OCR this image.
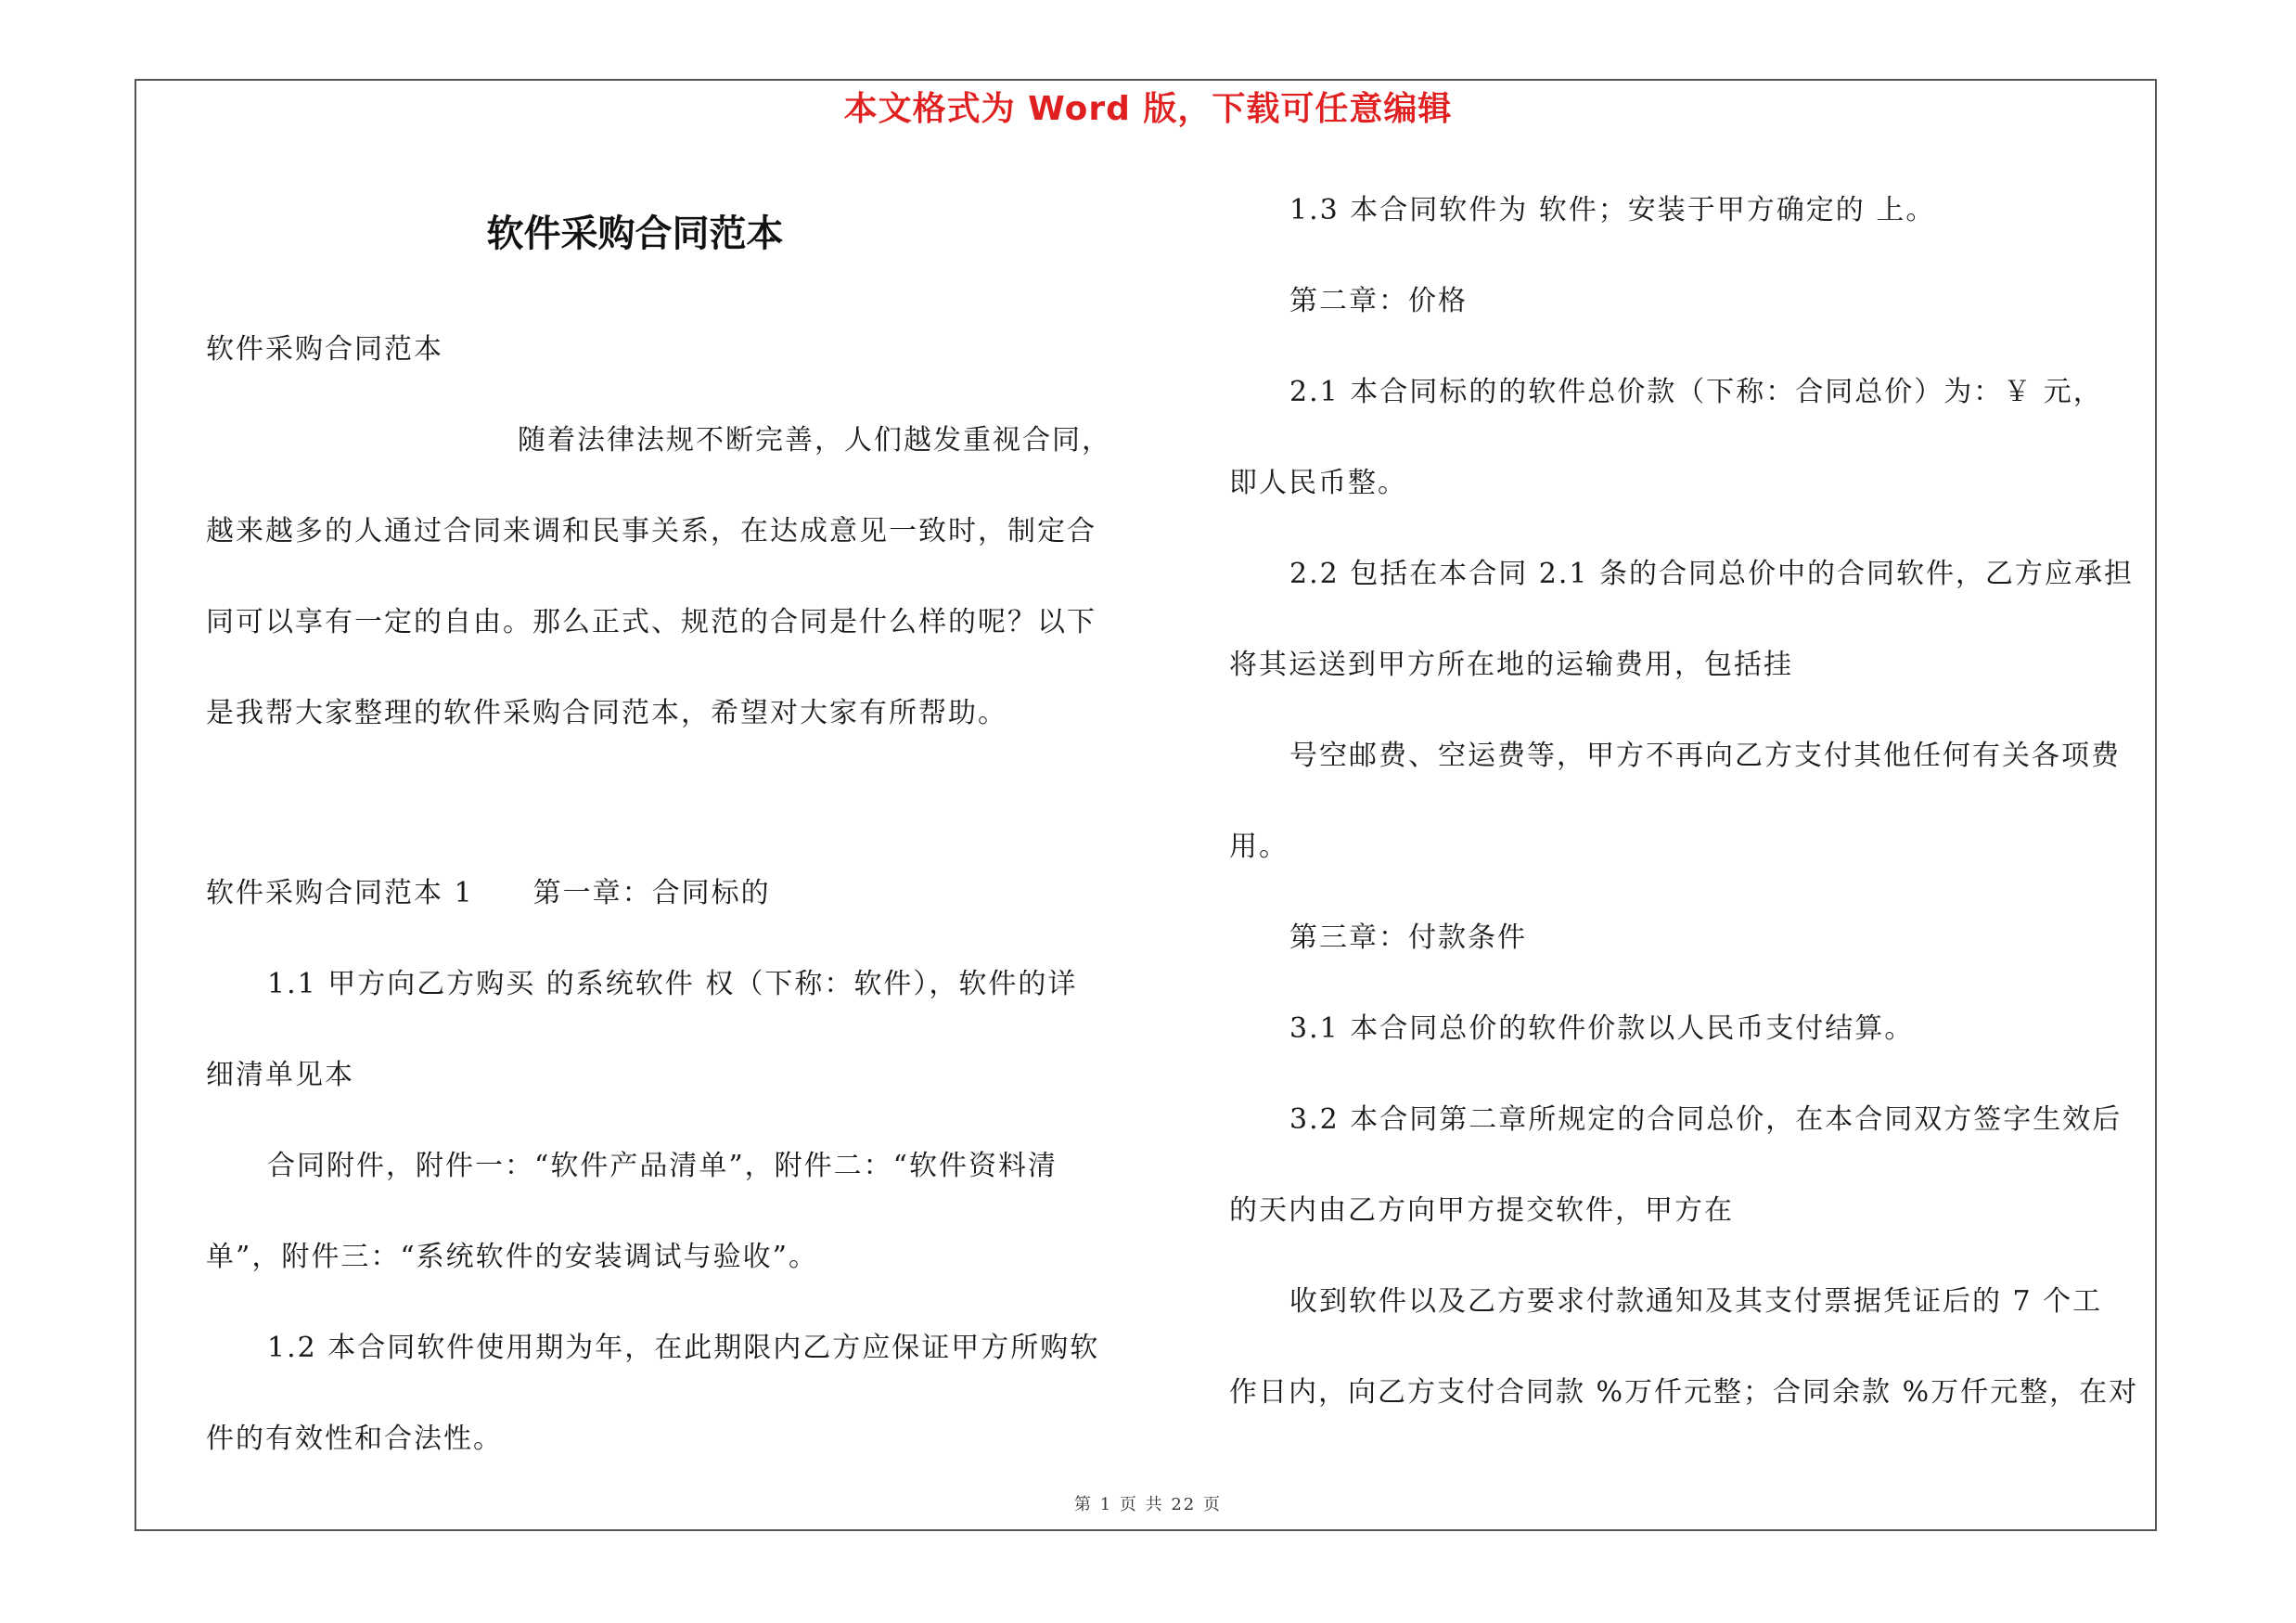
本文格式为 Word 版，下载可任意编辑
软件采购合同范本
软件采购合同范本
随着法律法规不断完善，人们越发重视合同，
越来越多的人通过合同来调和民事关系，在达成意见一致时，制定合
同可以享有一定的自由。那么正式、规范的合同是什么样的呢？以下
是我帮大家整理的软件采购合同范本，希望对大家有所帮助。
软件采购合同范本 1　　第一章：合同标的
1.1 甲方向乙方购买 的系统软件 权（下称：软件），软件的详
细清单见本
合同附件，附件一：“软件产品清单”，附件二：“软件资料清
单”，附件三：“系统软件的安装调试与验收”。
1.2 本合同软件使用期为年，在此期限内乙方应保证甲方所购软
件的有效性和合法性。
1.3 本合同软件为 软件；安装于甲方确定的 上。
第二章：价格
2.1 本合同标的的软件总价款（下称：合同总价）为：￥ 元，
即人民币整。
2.2 包括在本合同 2.1 条的合同总价中的合同软件，乙方应承担
将其运送到甲方所在地的运输费用，包括挂
号空邮费、空运费等，甲方不再向乙方支付其他任何有关各项费
用。
第三章：付款条件
3.1 本合同总价的软件价款以人民币支付结算。
3.2 本合同第二章所规定的合同总价，在本合同双方签字生效后
的天内由乙方向甲方提交软件，甲方在
收到软件以及乙方要求付款通知及其支付票据凭证后的 7 个工
作日内，向乙方支付合同款 %万仟元整；合同余款 %万仟元整，在对
第 1 页 共 22 页
